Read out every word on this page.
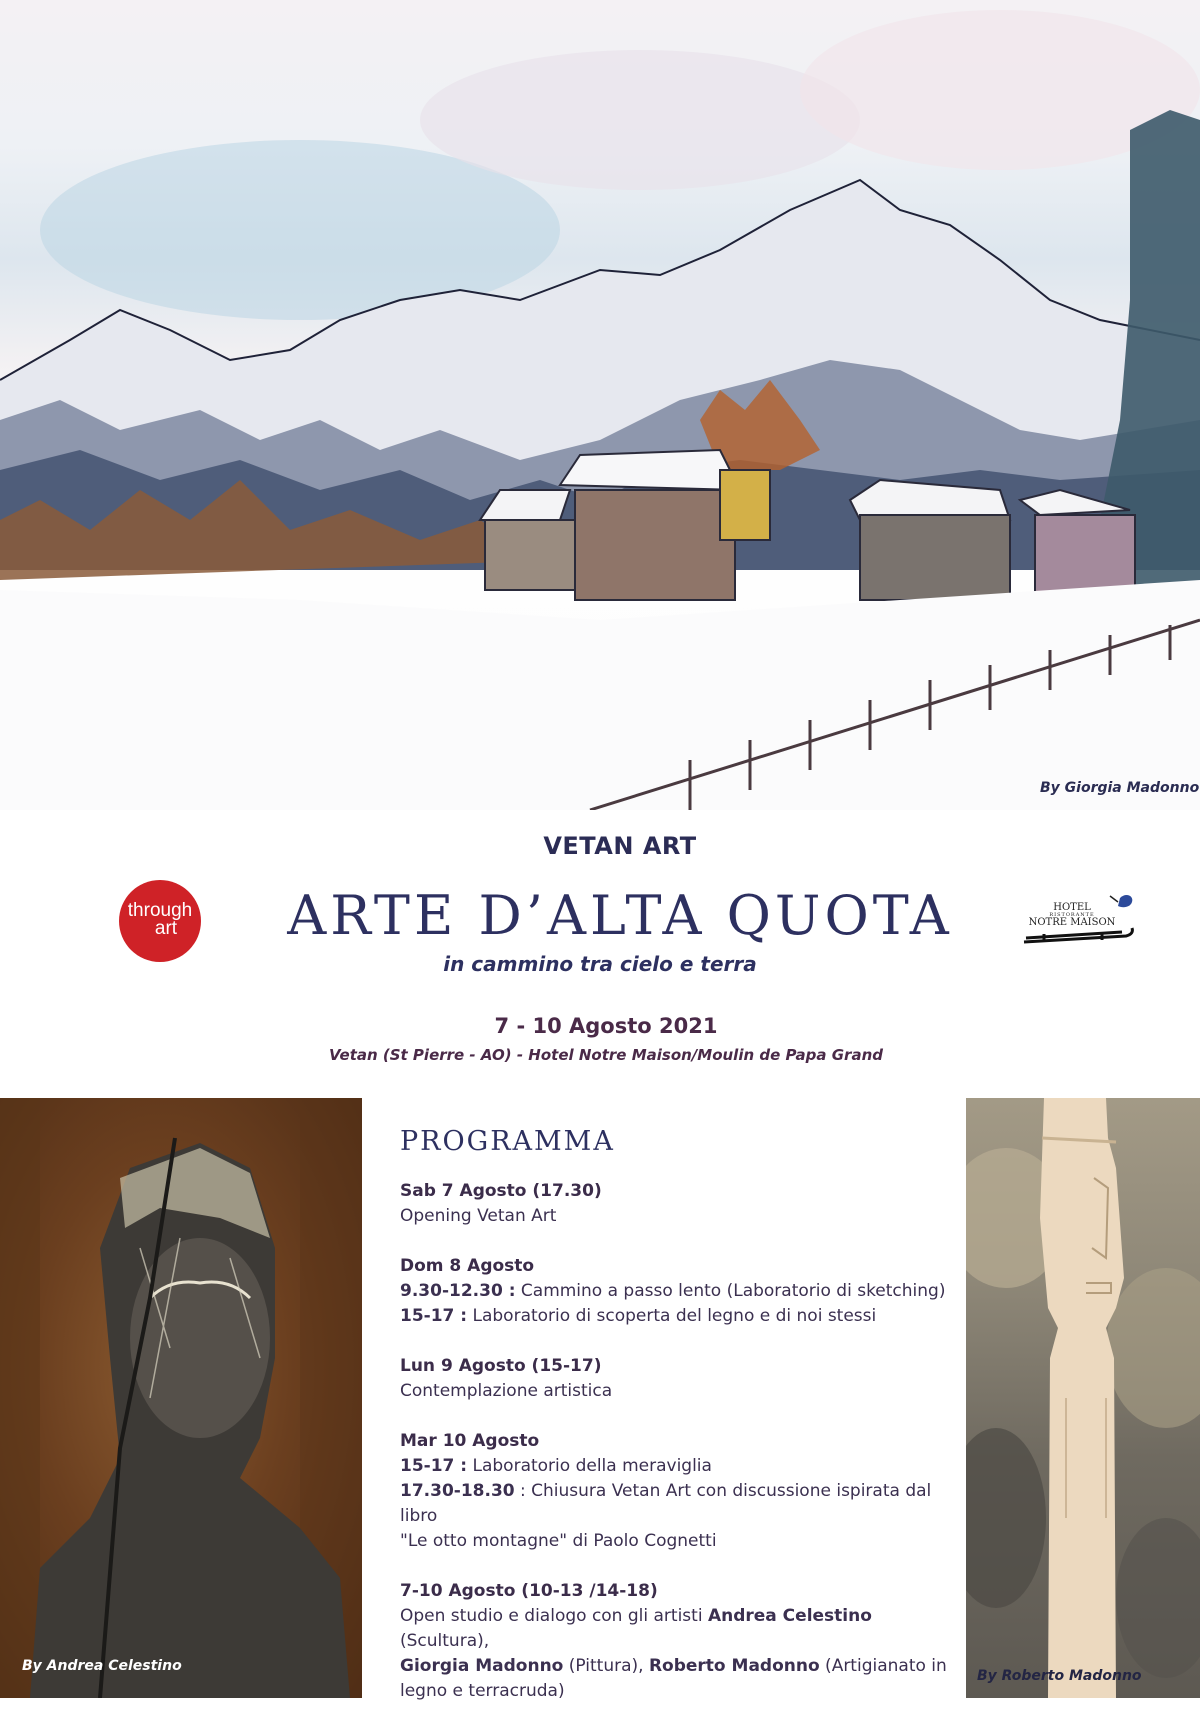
By Giorgia Madonno
through
art
VETAN ART
ARTE D’ALTA QUOTA
in cammino tra cielo e terra
HOTEL
RISTORANTE
NOTRE MAISON
7 - 10 Agosto 2021
Vetan (St Pierre - AO) - Hotel Notre Maison/Moulin de Papa Grand
By Andrea Celestino
PROGRAMMA
Sab 7 Agosto (17.30)
Opening Vetan Art
Dom 8 Agosto
9.30-12.30 : Cammino a passo lento (Laboratorio di sketching)
15-17 : Laboratorio di scoperta del legno e di noi stessi
Lun 9 Agosto (15-17)
Contemplazione artistica
Mar 10 Agosto
15-17 : Laboratorio della meraviglia
17.30-18.30 : Chiusura Vetan Art con discussione ispirata dal
libro
"Le otto montagne" di Paolo Cognetti
7-10 Agosto (10-13 /14-18)
Open studio e dialogo con gli artisti Andrea Celestino (Scultura),
Giorgia Madonno (Pittura), Roberto Madonno (Artigianato in
legno e terracruda)
By Roberto Madonno
